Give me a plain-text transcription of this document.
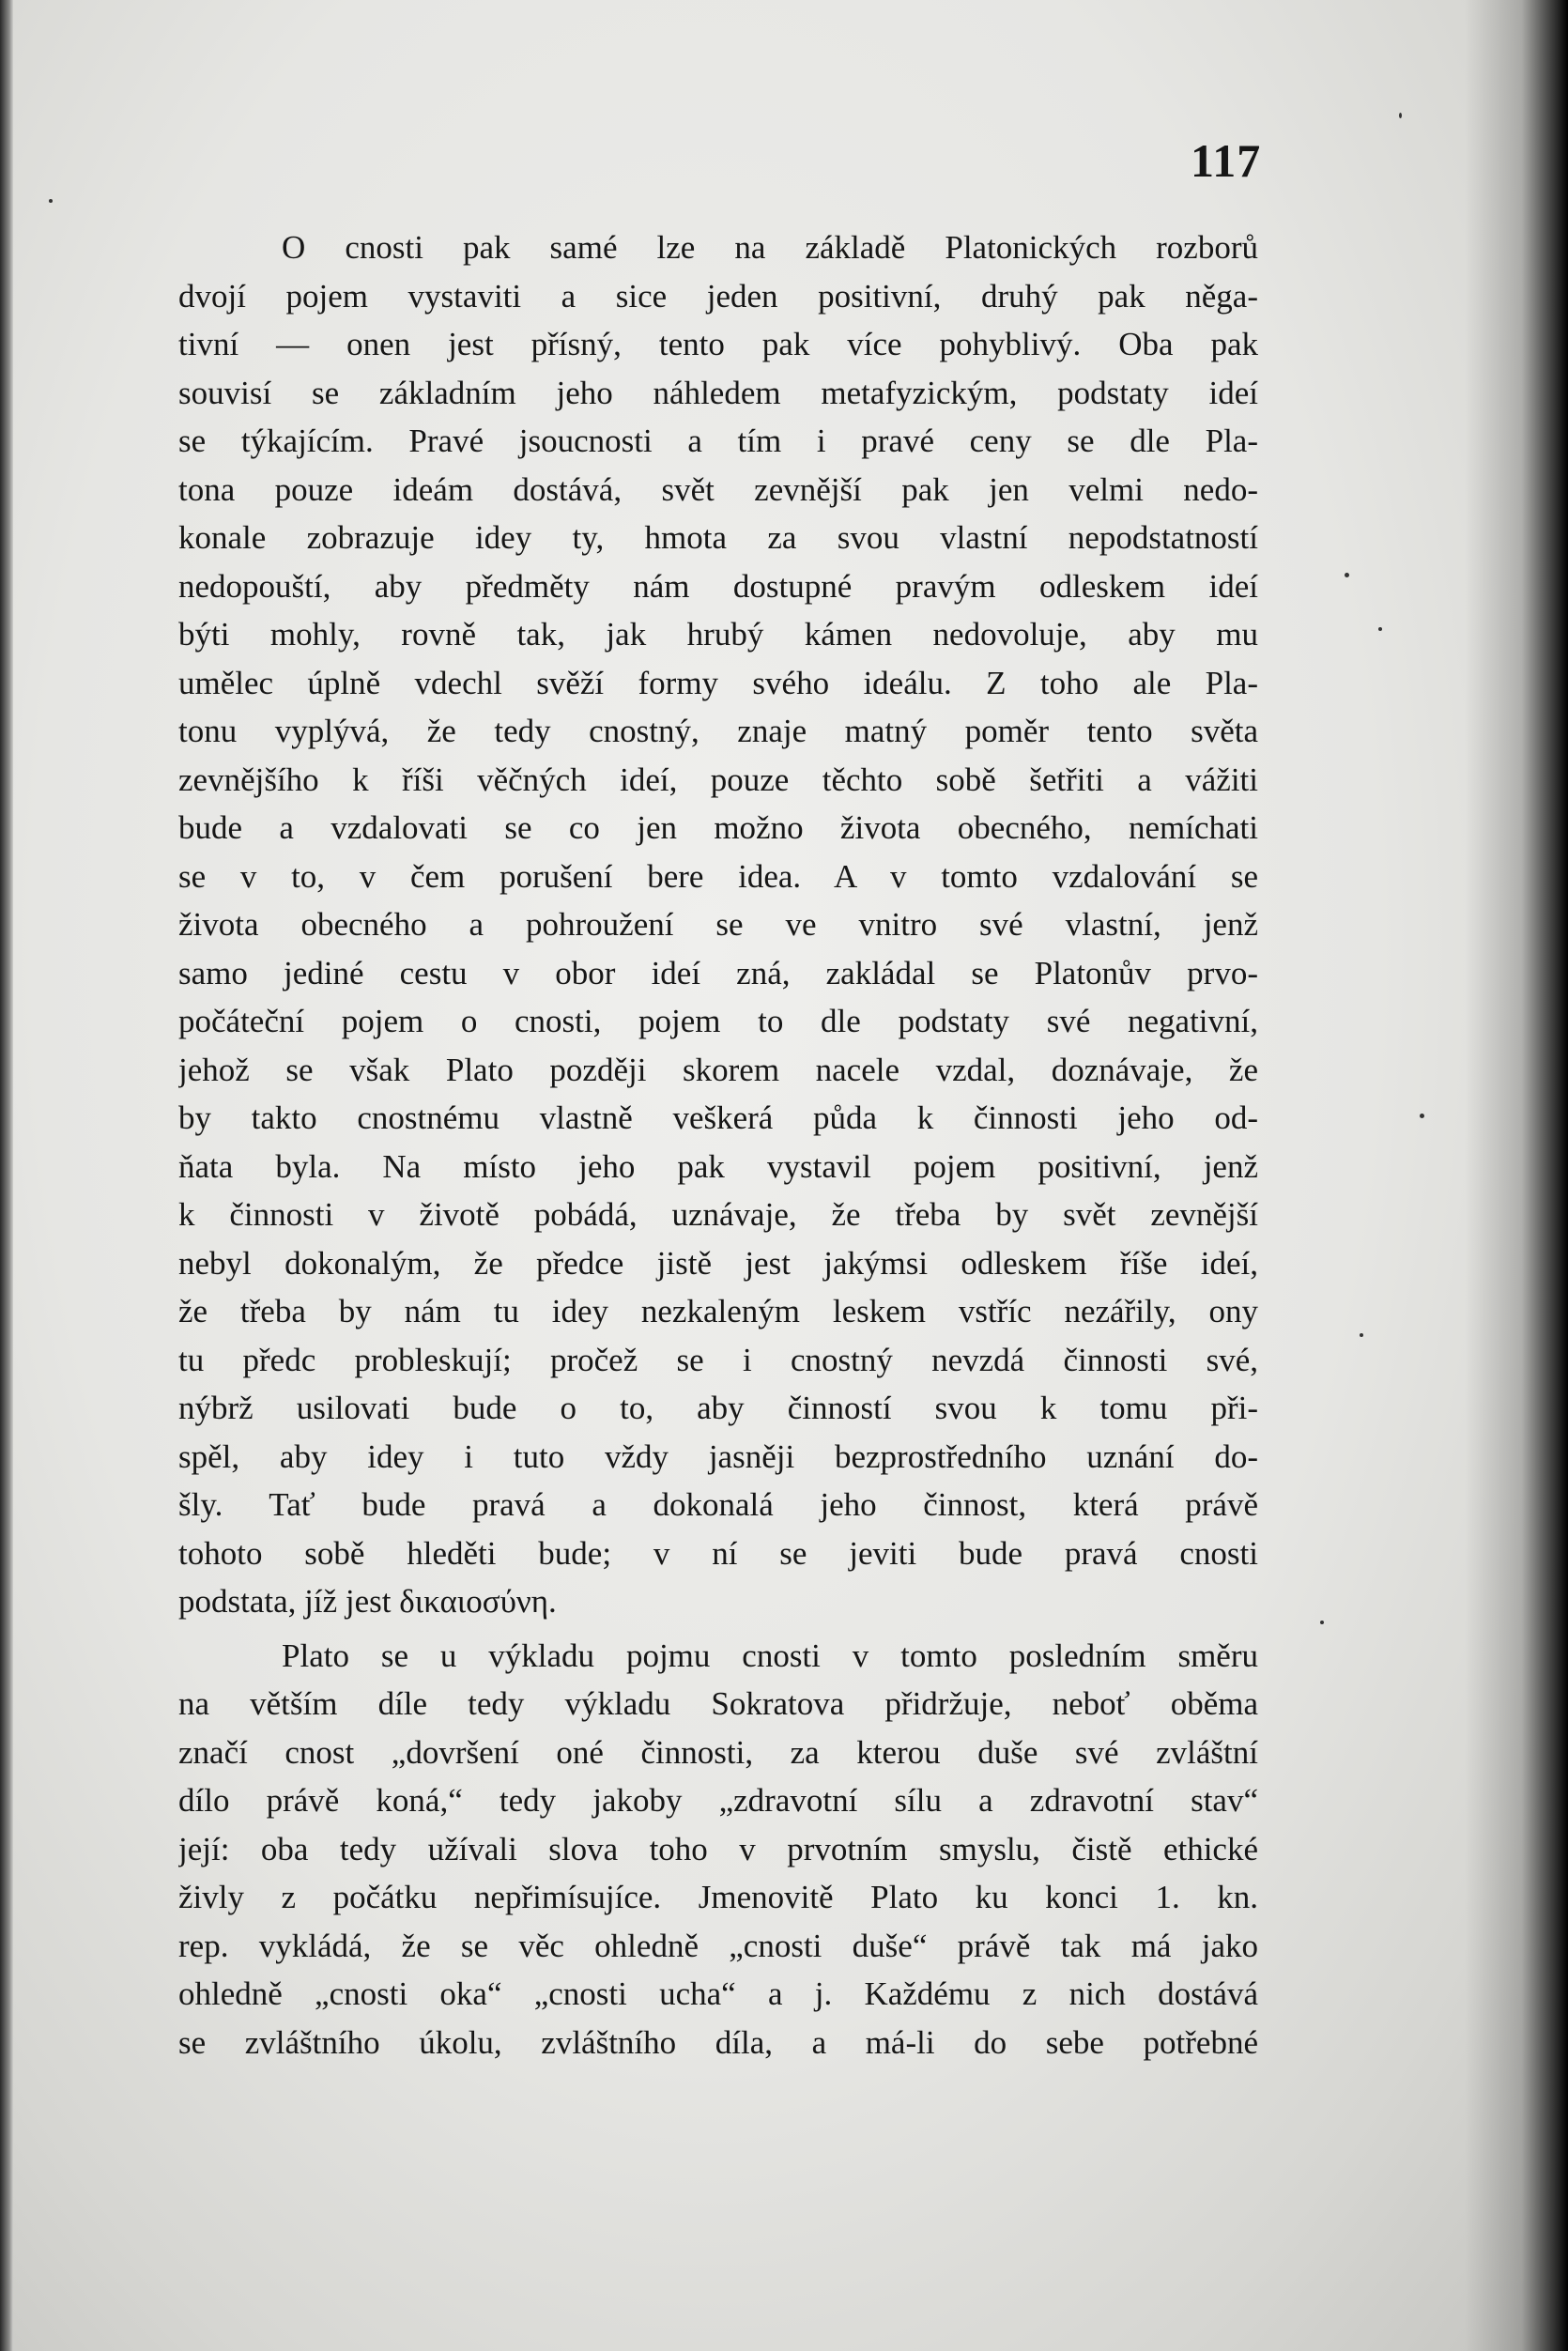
117
O cnosti pak samé lze na základě Platonických rozborů
dvojí pojem vystaviti a sice jeden positivní, druhý pak něga-
tivní — onen jest přísný, tento pak více pohyblivý. Oba pak
souvisí se základním jeho náhledem metafyzickým, podstaty ideí
se týkajícím. Pravé jsoucnosti a tím i pravé ceny se dle Pla-
tona pouze ideám dostává, svět zevnější pak jen velmi nedo-
konale zobrazuje idey ty, hmota za svou vlastní nepodstatností
nedopouští, aby předměty nám dostupné pravým odleskem ideí
býti mohly, rovně tak, jak hrubý kámen nedovoluje, aby mu
umělec úplně vdechl svěží formy svého ideálu. Z toho ale Pla-
tonu vyplývá, že tedy cnostný, znaje matný poměr tento světa
zevnějšího k říši věčných ideí, pouze těchto sobě šetřiti a vážiti
bude a vzdalovati se co jen možno života obecného, nemíchati
se v to, v čem porušení bere idea. A v tomto vzdalování se
života obecného a pohroužení se ve vnitro své vlastní, jenž
samo jediné cestu v obor ideí zná, zakládal se Platonův prvo-
počáteční pojem o cnosti, pojem to dle podstaty své negativní,
jehož se však Plato později skorem nacele vzdal, doznávaje, že
by takto cnostnému vlastně veškerá půda k činnosti jeho od-
ňata byla. Na místo jeho pak vystavil pojem positivní, jenž
k činnosti v životě pobádá, uznávaje, že třeba by svět zevnější
nebyl dokonalým, že předce jistě jest jakýmsi odleskem říše ideí,
že třeba by nám tu idey nezkaleným leskem vstříc nezářily, ony
tu předc probleskují; pročež se i cnostný nevzdá činnosti své,
nýbrž usilovati bude o to, aby činností svou k tomu při-
spěl, aby idey i tuto vždy jasněji bezprostředního uznání do-
šly. Tať bude pravá a dokonalá jeho činnost, která právě
tohoto sobě hleděti bude; v ní se jeviti bude pravá cnosti
podstata, jíž jest δικαιοσύνη.
Plato se u výkladu pojmu cnosti v tomto posledním směru
na větším díle tedy výkladu Sokratova přidržuje, neboť oběma
značí cnost „dovršení oné činnosti, za kterou duše své zvláštní
dílo právě koná,“ tedy jakoby „zdravotní sílu a zdravotní stav“
její: oba tedy užívali slova toho v prvotním smyslu, čistě ethické
živly z počátku nepřimísujíce. Jmenovitě Plato ku konci 1. kn.
rep. vykládá, že se věc ohledně „cnosti duše“ právě tak má jako
ohledně „cnosti oka“ „cnosti ucha“ a j. Každému z nich dostává
se zvláštního úkolu, zvláštního díla, a má-li do sebe potřebné
